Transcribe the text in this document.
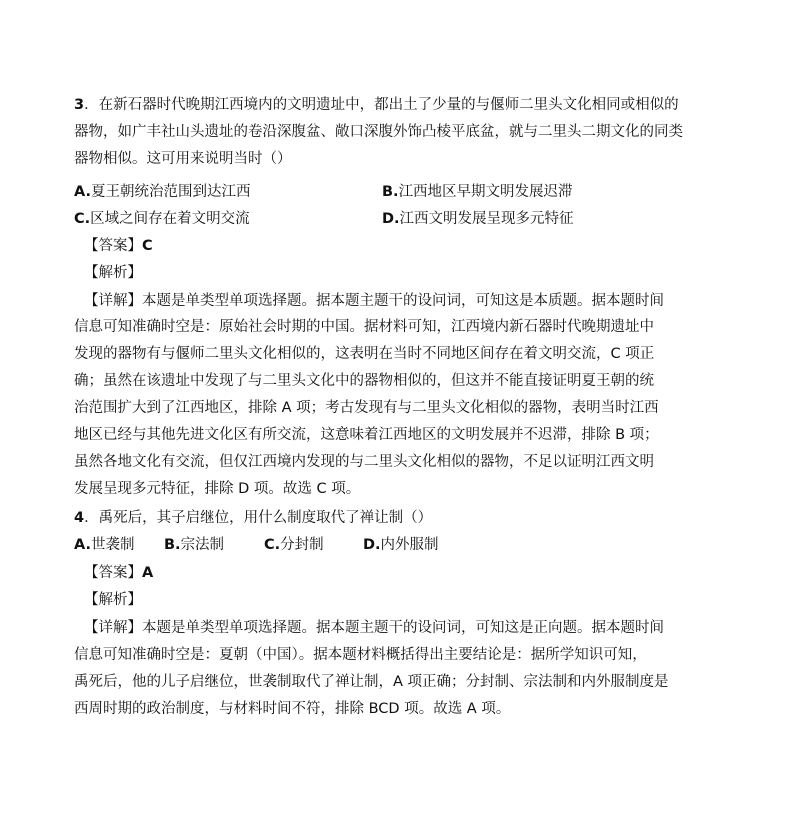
3．在新石器时代晚期江西境内的文明遗址中，都出土了少量的与偃师二里头文化相同或相似的
器物，如广丰社山头遗址的卷沿深腹盆、敞口深腹外饰凸棱平底盆，就与二里头二期文化的同类
器物相似。这可用来说明当时（）
A.夏王朝统治范围到达江西	B.江西地区早期文明发展迟滞
C.区域之间存在着文明交流	D.江西文明发展呈现多元特征
【答案】C
【解析】
【详解】本题是单类型单项选择题。据本题主题干的设问词，可知这是本质题。据本题时间
信息可知准确时空是：原始社会时期的中国。据材料可知，江西境内新石器时代晚期遗址中
发现的器物有与偃师二里头文化相似的，这表明在当时不同地区间存在着文明交流，C 项正
确；虽然在该遗址中发现了与二里头文化中的器物相似的，但这并不能直接证明夏王朝的统
治范围扩大到了江西地区，排除 A 项；考古发现有与二里头文化相似的器物，表明当时江西
地区已经与其他先进文化区有所交流，这意味着江西地区的文明发展并不迟滞，排除 B 项；
虽然各地文化有交流，但仅江西境内发现的与二里头文化相似的器物，不足以证明江西文明
发展呈现多元特征，排除 D 项。故选 C 项。
4．禹死后，其子启继位，用什么制度取代了禅让制（）
A.世袭制 B.宗法制	C.分封制	D.内外服制
【答案】A
【解析】
【详解】本题是单类型单项选择题。据本题主题干的设问词，可知这是正向题。据本题时间
信息可知准确时空是：夏朝（中国）。据本题材料概括得出主要结论是：据所学知识可知，
禹死后，他的儿子启继位，世袭制取代了禅让制，A 项正确；分封制、宗法制和内外服制度是
西周时期的政治制度，与材料时间不符，排除 BCD 项。故选 A 项。
